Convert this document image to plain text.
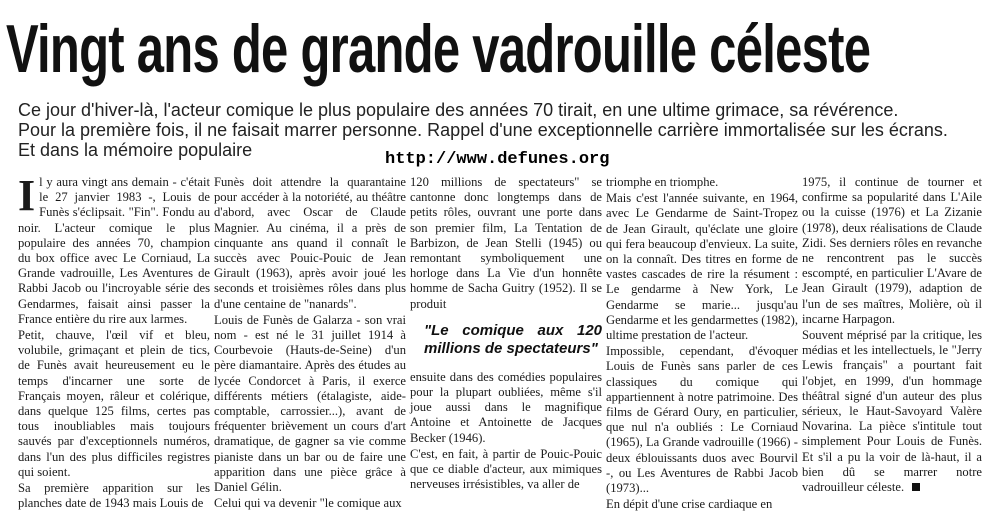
Vingt ans de grande vadrouille céleste

Ce jour d'hiver-là, l'acteur comique le plus populaire des années 70 tirait, en une ultime grimace, sa révérence.

Pour la première fois, il ne faisait marrer personne. Rappel d'une exceptionnelle carrière immortalisée sur les écrans.

Et dans la mémoire populaire	http://www.defunes.org
I l y aura vingt ans demain - c'était le 27 janvier 1983 -, Louis de Funès s'éclipsait. "Fin". Fondu au noir. L'acteur comique le plus populaire des années 70, champion du box office avec Le Corniaud, La Grande vadrouille, Les Aventures de Rabbi Jacob ou l'incroyable série des Gendarmes, faisait ainsi passer la France entière du rire aux larmes.

Petit, chauve, l'œil vif et bleu, volubile, grimaçant et plein de tics, de Funès avait heureusement eu le temps d'incarner une sorte de Français moyen, râleur et colérique, dans quelque 125 films, certes pas tous inoubliables mais toujours sauvés par d'exceptionnels numéros, dans l'un des plus difficiles registres qui soient.

Sa première apparition sur les planches date de 1943 mais Louis de

Funès doit attendre la quarantaine pour accéder à la notoriété, au théâtre d'abord, avec Oscar de Claude Magnier. Au cinéma, il a près de cinquante ans quand il connaît le succès avec Pouic-Pouic de Jean Girault (1963), après avoir joué les seconds et troisièmes rôles dans plus d'une centaine de "nanards".

Louis de Funès de Galarza - son vrai nom - est né le 31 juillet 1914 à Courbevoie (Hauts-de-Seine) d'un père diamantaire. Après des études au lycée Condorcet à Paris, il exerce différents métiers (étalagiste, aide-comptable, carrossier...), avant de fréquenter brièvement un cours d'art dramatique, de gagner sa vie comme pianiste dans un bar ou de faire une apparition dans une pièce grâce à Daniel Gélin.

Celui qui va devenir "le comique aux

120 millions de spectateurs" se cantonne donc longtemps dans de petits rôles, ouvrant une porte dans son premier film, La Tentation de Barbizon, de Jean Stelli (1945) ou remontant symboliquement une horloge dans La Vie d'un honnête homme de Sacha Guitry (1952). Il se produit

"Le comique aux 120 millions de spectateurs"

ensuite dans des comédies populaires pour la plupart oubliées, même s'il joue aussi dans le magnifique Antoine et Antoinette de Jacques Becker (1946).

C'est, en fait, à partir de Pouic-Pouic que ce diable d'acteur, aux mimiques nerveuses irrésistibles, va aller de

triomphe en triomphe.

Mais c'est l'année suivante, en 1964, avec Le Gendarme de Saint-Tropez de Jean Girault, qu'éclate une gloire qui fera beaucoup d'envieux. La suite, on la connaît. Des titres en forme de vastes cascades de rire la résument : Le gendarme à New York, Le Gendarme se marie... jusqu'au Gendarme et les gendarmettes (1982), ultime prestation de l'acteur.

Impossible, cependant, d'évoquer Louis de Funès sans parler de ces classiques du comique qui appartiennent à notre patrimoine. Des films de Gérard Oury, en particulier, que nul n'a oubliés : Le Corniaud (1965), La Grande vadrouille (1966) - deux éblouissants duos avec Bourvil -, ou Les Aventures de Rabbi Jacob (1973)...

En dépit d'une crise cardiaque en

1975, il continue de tourner et confirme sa popularité dans L'Aile ou la cuisse (1976) et La Zizanie (1978), deux réalisations de Claude Zidi. Ses derniers rôles en revanche ne rencontrent pas le succès escompté, en particulier L'Avare de Jean Girault (1979), adaption de l'un de ses maîtres, Molière, où il incarne Harpagon.

Souvent méprisé par la critique, les médias et les intellectuels, le "Jerry Lewis français" a pourtant fait l'objet, en 1999, d'un hommage théâtral signé d'un auteur des plus sérieux, le Haut-Savoyard Valère Novarina. La pièce s'intitule tout simplement Pour Louis de Funès. Et s'il a pu la voir de là-haut, il a bien dû se marrer notre vadrouilleur céleste.
